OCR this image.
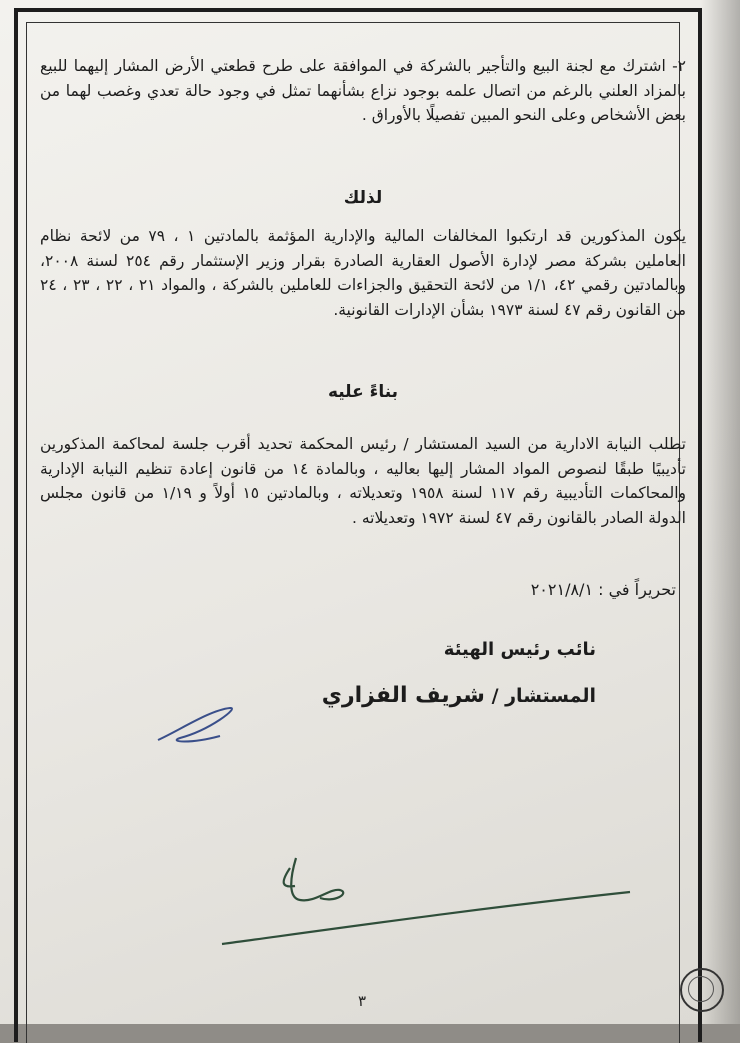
٢- اشترك مع لجنة البيع والتأجير بالشركة في الموافقة على طرح قطعتي الأرض المشار إليهما للبيع بالمزاد العلني بالرغم من اتصال علمه بوجود نزاع بشأنهما تمثل في وجود حالة تعدي وغصب لهما من بعض الأشخاص وعلى النحو المبين تفصيلًا بالأوراق .

لذلك

يكون المذكورين قد ارتكبوا المخالفات المالية والإدارية المؤثمة بالمادتين ١ ، ٧٩ من لائحة نظام العاملين بشركة مصر لإدارة الأصول العقارية الصادرة بقرار وزير الإستثمار رقم ٢٥٤ لسنة ٢٠٠٨، وبالمادتين رقمي ٤٢، ١/١ من لائحة التحقيق والجزاءات للعاملين بالشركة ، والمواد ٢١ ، ٢٢ ، ٢٣ ، ٢٤ من القانون رقم ٤٧ لسنة ١٩٧٣ بشأن الإدارات القانونية.

بناءً عليه

تطلب النيابة الادارية من السيد المستشار / رئيس المحكمة تحديد أقرب جلسة لمحاكمة المذكورين تأديبيًا طبقًا لنصوص المواد المشار إليها بعاليه ، وبالمادة ١٤ من قانون إعادة تنظيم النيابة الإدارية والمحاكمات التأديبية رقم ١١٧ لسنة ١٩٥٨ وتعديلاته ، وبالمادتين ١٥ أولاً و ١/١٩ من قانون مجلس الدولة الصادر بالقانون رقم ٤٧ لسنة ١٩٧٢ وتعديلاته .

تحريراً في : ٢٠٢١/٨/١
نائب رئيس الهيئة
المستشار / شريف الفزاري
٣
